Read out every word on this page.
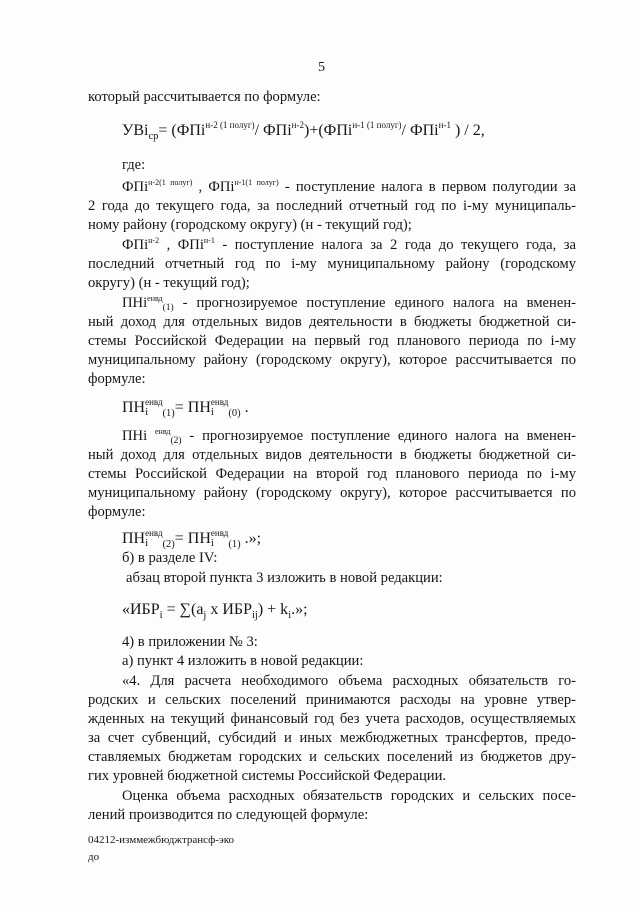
5
который рассчитывается по формуле:
УВi$_{ср}$= (ФПi$^{н-2 (1 полуг)}$/ ФПi$^{н-2}$)+(ФПi$^{н-1 (1 полуг)}$/ ФПi$^{н-1}$ ) / 2,
где:
ФПi$^{н-2(1 полуг)}$ , ФПi$^{н-1(1 полуг)}$ - поступление налога в первом полугодии за
2 года до текущего года, за последний отчетный год по i-му муниципаль-
ному району (городскому округу) (н - текущий год);
ФПi$^{н-2}$ , ФПi$^{н-1}$ - поступление налога за 2 года до текущего года, за
последний отчетный год по i-му муниципальному району (городскому
округу) (н - текущий год);
ПНi$^{енвд}_{(1)}$ - прогнозируемое поступление единого налога на вменен-
ный доход для отдельных видов деятельности в бюджеты бюджетной си-
стемы Российской Федерации на первый год планового периода по i-му
муниципальному району (городскому округу), которое рассчитывается по
формуле:
ПН енвд
i	$_{(1)}$= ПН енвд
i	$_{(0)}$ .
ПНi $^{енвд}_{(2)}$ - прогнозируемое поступление единого налога на вменен-
ный доход для отдельных видов деятельности в бюджеты бюджетной си-
стемы Российской Федерации на второй год планового периода по i-му
муниципальному району (городскому округу), которое рассчитывается по
формуле:
ПН енвд
i	$_{(2)}$= ПН енвд
i	$_{(1)}$ .»;
б) в разделе IV:
абзац второй пункта 3 изложить в новой редакции:
«$ИБР_i = \sum(a_j$ x $ИБР_{ij}) + k_i$.»;
4) в приложении № 3:
а) пункт 4 изложить в новой редакции:
«4. Для расчета необходимого объема расходных обязательств го-
родских и сельских поселений принимаются расходы на уровне утвер-
жденных на текущий финансовый год без учета расходов, осуществляемых
за счет субвенций, субсидий и иных межбюджетных трансфертов, предо-
ставляемых бюджетам городских и сельских поселений из бюджетов дру-
гих уровней бюджетной системы Российской Федерации.
Оценка объема расходных обязательств городских и сельских посе-
лений производится по следующей формуле:
04212-изммежбюджтрансф-эко
до
